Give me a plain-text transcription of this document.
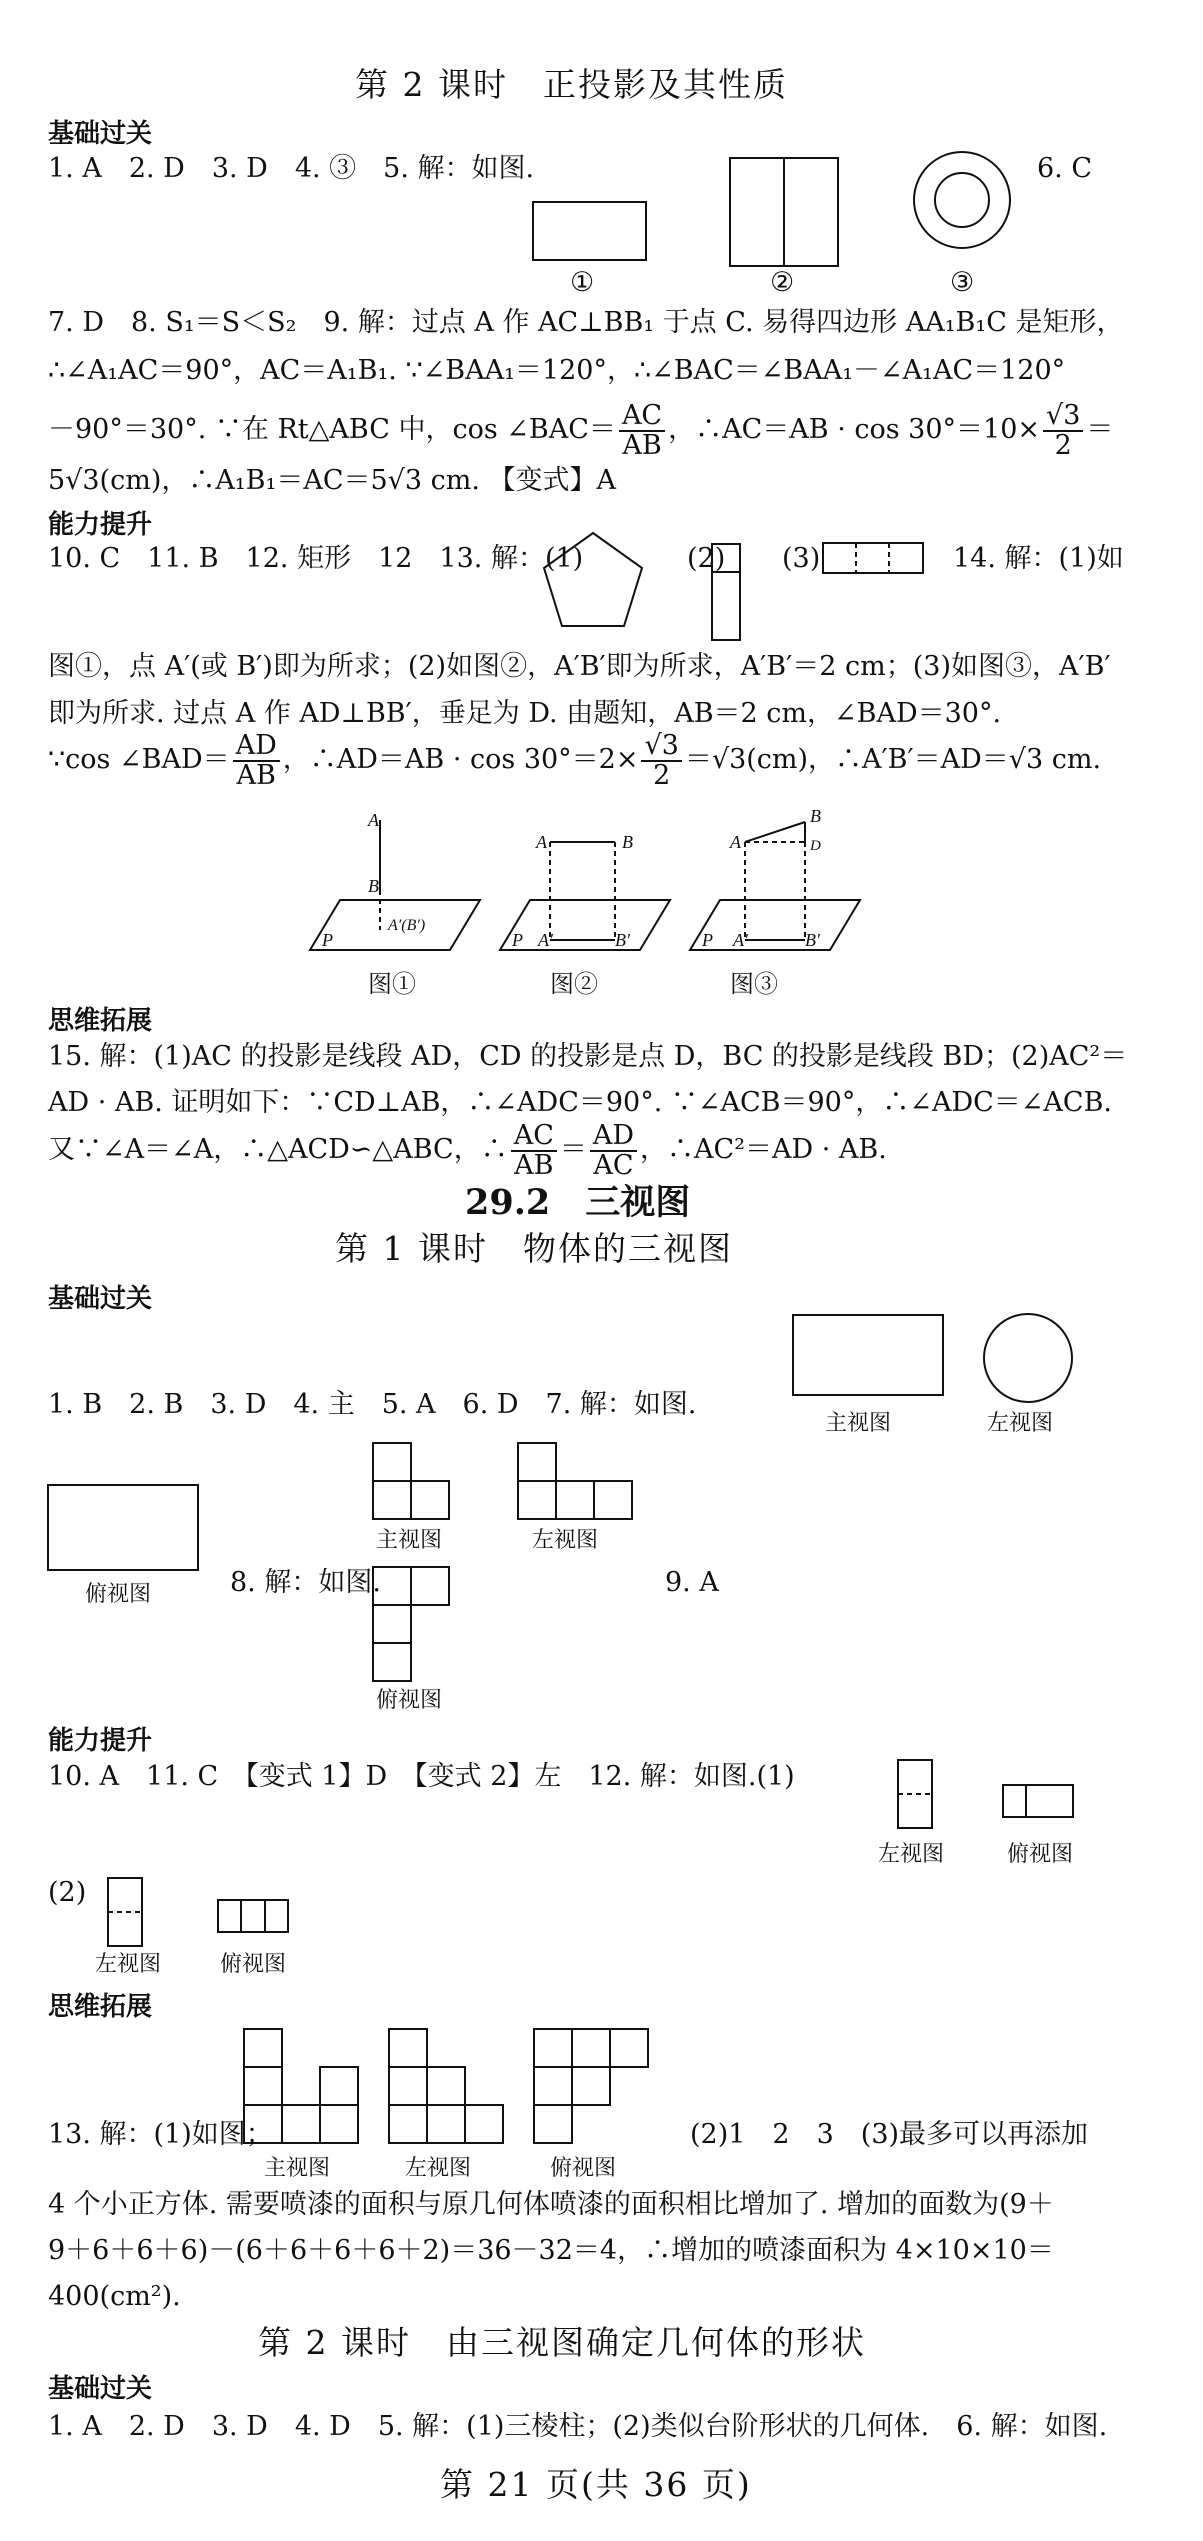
第 2 课时　正投影及其性质
基础过关
1. A　2. D　3. D　4. ③　5. 解：如图.	6. C
①	②	③
7. D　8. S₁＝S＜S₂　9. 解：过点 A 作 AC⊥BB₁ 于点 C. 易得四边形 AA₁B₁C 是矩形，
∴∠A₁AC＝90°，AC＝A₁B₁. ∵∠BAA₁＝120°，∴∠BAC＝∠BAA₁－∠A₁AC＝120°
－90°＝30°. ∵在 Rt△ABC 中，cos ∠BAC＝ $\frac{AC}{AB}$ ，∴AC＝AB · $\cos 30^\circ=10\times \frac{√3}{2}$ ＝
5√3(cm)，∴A₁B₁＝AC＝5√3 cm. 【变式】A
能力提升
10. C　11. B　12. 矩形　12　13. 解：(1)	(2) (3)	14. 解：(1)如
图①，点 A′(或 B′)即为所求；(2)如图②，A′B′即为所求，A′B′＝2 cm；(3)如图③，A′B′
即为所求. 过点 A 作 AD⊥BB′，垂足为 D. 由题知，AB＝2 cm，∠BAD＝30°.
∵cos ∠BAD＝ $\frac{AD}{AB}$ ，∴AD＝AB · $\cos 30^\circ=2\times \frac{√3}{2} =√3(cm)$，∴A′B′＝AD＝√3 cm.
A
B
A′(B′)
P
A	B
P A′	B′
A
B
D
P A′	B′
图①	图②	图③
思维拓展
15. 解：(1)AC 的投影是线段 AD，CD 的投影是点 D，BC 的投影是线段 BD；(2)AC²＝
AD · AB. 证明如下：∵CD⊥AB，∴∠ADC＝90°. ∵∠ACB＝90°，∴∠ADC＝∠ACB.
又∵∠A＝∠A，∴△ACD∽△ABC，∴ $\frac{AC}{AB} = \frac{AD}{AC}$ ，∴AC²＝AD · AB.
29.2　三视图
第 1 课时　物体的三视图
基础过关
1. B　2. B　3. D　4. 主　5. A　6. D　7. 解：如图.
主视图	左视图
俯视图
主视图	左视图
8. 解：如图.
俯视图
9. A
能力提升
10. A　11. C　【变式 1】D　【变式 2】左　12. 解：如图.(1)
左视图	俯视图
(2)
左视图	俯视图
思维拓展
主视图	左视图	俯视图
13. 解：(1)如图；	(2)1　2　3　(3)最多可以再添加
4 个小正方体. 需要喷漆的面积与原几何体喷漆的面积相比增加了. 增加的面数为(9＋
9＋6＋6＋6)－(6＋6＋6＋6＋2)＝36－32＝4，∴增加的喷漆面积为 4×10×10＝
400(cm²).
第 2 课时　由三视图确定几何体的形状
基础过关
1. A　2. D　3. D　4. D　5. 解：(1)三棱柱；(2)类似台阶形状的几何体.　6. 解：如图.
第 21 页(共 36 页)
